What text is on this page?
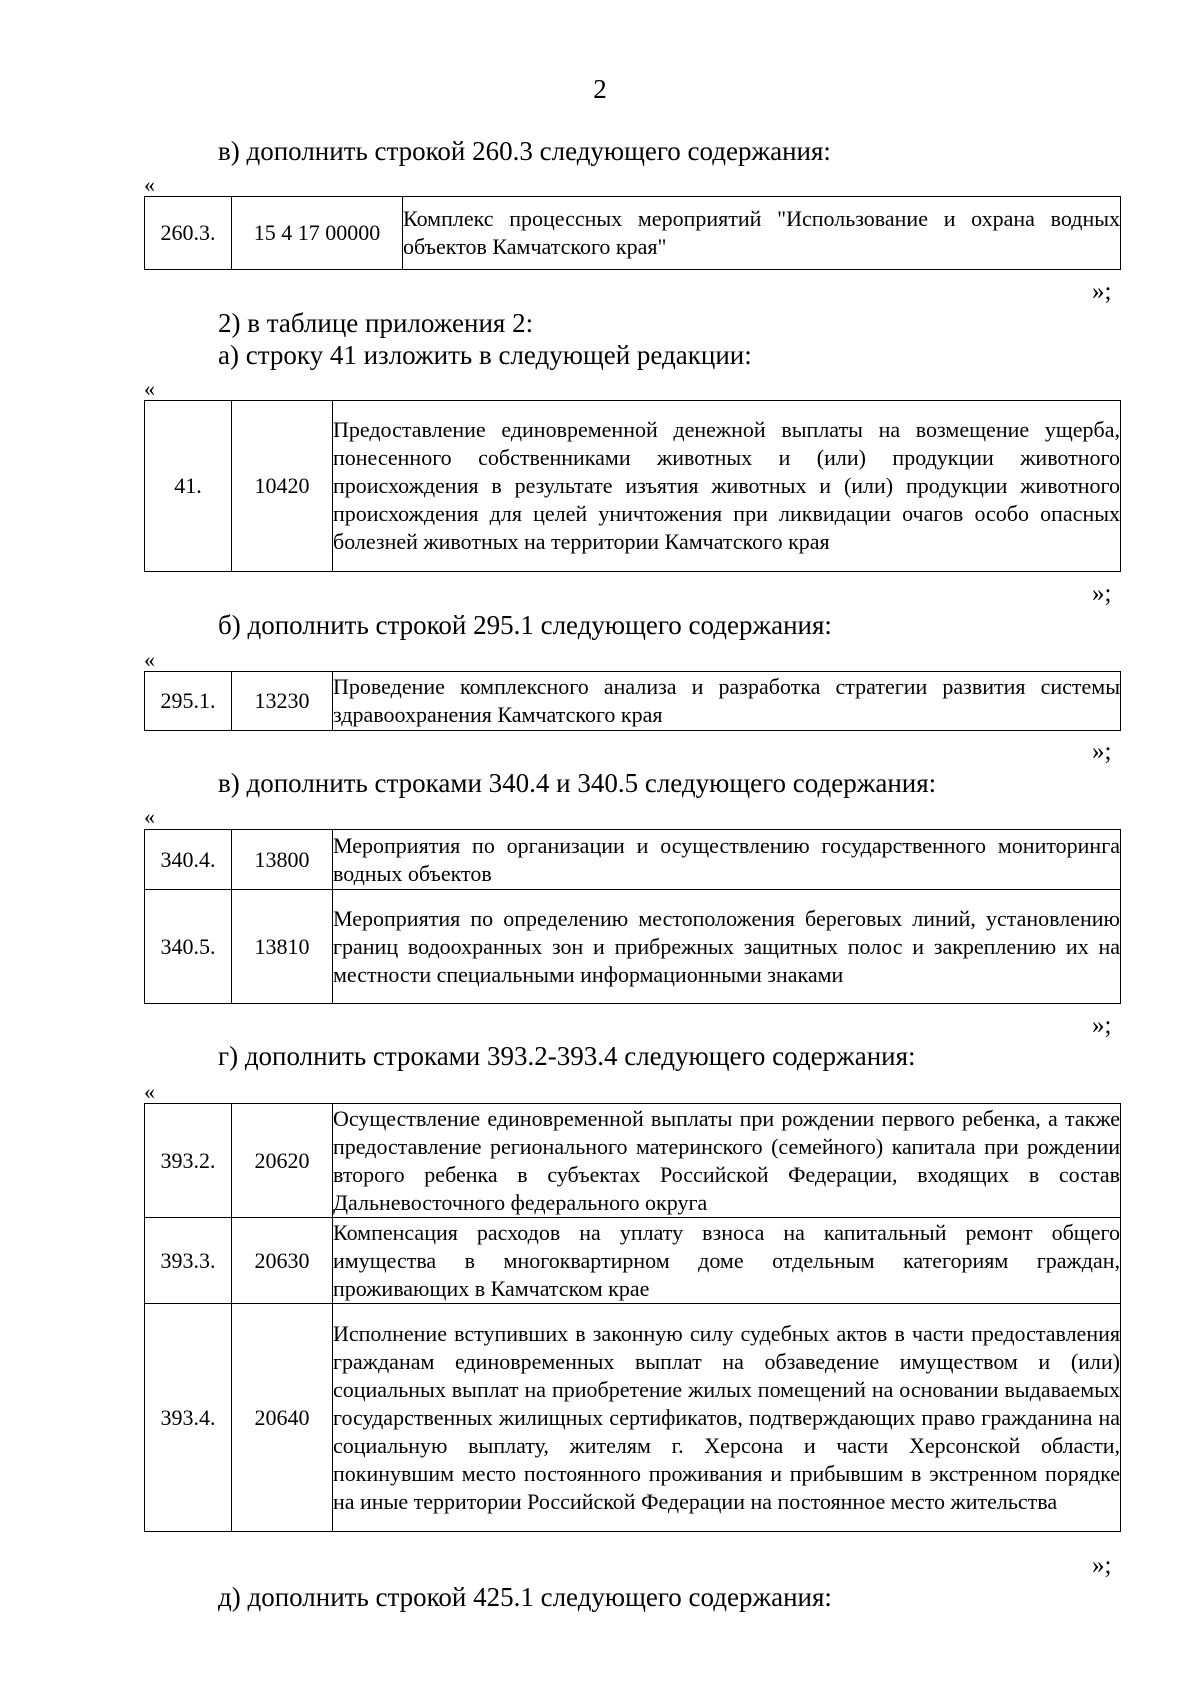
2
в) дополнить строкой 260.3 следующего содержания:
«
260.3.	15 4 17 00000	Комплекс процессных мероприятий "Использование и охрана водных объектов Камчатского края"
»;
2) в таблице приложения 2:
а) строку 41 изложить в следующей редакции:
«
41.	10420	Предоставление единовременной денежной выплаты на возмещение ущерба, понесенного собственниками животных и (или) продукции животного происхождения в результате изъятия животных и (или) продукции животного происхождения для целей уничтожения при ликвидации очагов особо опасных болезней животных на территории Камчатского края
»;
б) дополнить строкой 295.1 следующего содержания:
«
295.1.	13230	Проведение комплексного анализа и разработка стратегии развития системы здравоохранения Камчатского края
»;
в) дополнить строками 340.4 и 340.5 следующего содержания:
«
340.4.	13800	Мероприятия по организации и осуществлению государственного мониторинга водных объектов
340.5.	13810	Мероприятия по определению местоположения береговых линий, установлению границ водоохранных зон и прибрежных защитных полос и закреплению их на местности специальными информационными знаками
»;
г) дополнить строками 393.2-393.4 следующего содержания:
«
393.2.	20620	Осуществление единовременной выплаты при рождении первого ребенка, а также предоставление регионального материнского (семейного) капитала при рождении второго ребенка в субъектах Российской Федерации, входящих в состав Дальневосточного федерального округа
393.3.	20630	Компенсация расходов на уплату взноса на капитальный ремонт общего имущества в многоквартирном доме отдельным категориям граждан, проживающих в Камчатском крае
393.4.	20640	Исполнение вступивших в законную силу судебных актов в части предоставления гражданам единовременных выплат на обзаведение имуществом и (или) социальных выплат на приобретение жилых помещений на основании выдаваемых государственных жилищных сертификатов, подтверждающих право гражданина на социальную выплату, жителям г. Херсона и части Херсонской области, покинувшим место постоянного проживания и прибывшим в экстренном порядке на иные территории Российской Федерации на постоянное место жительства
»;
д) дополнить строкой 425.1 следующего содержания:
